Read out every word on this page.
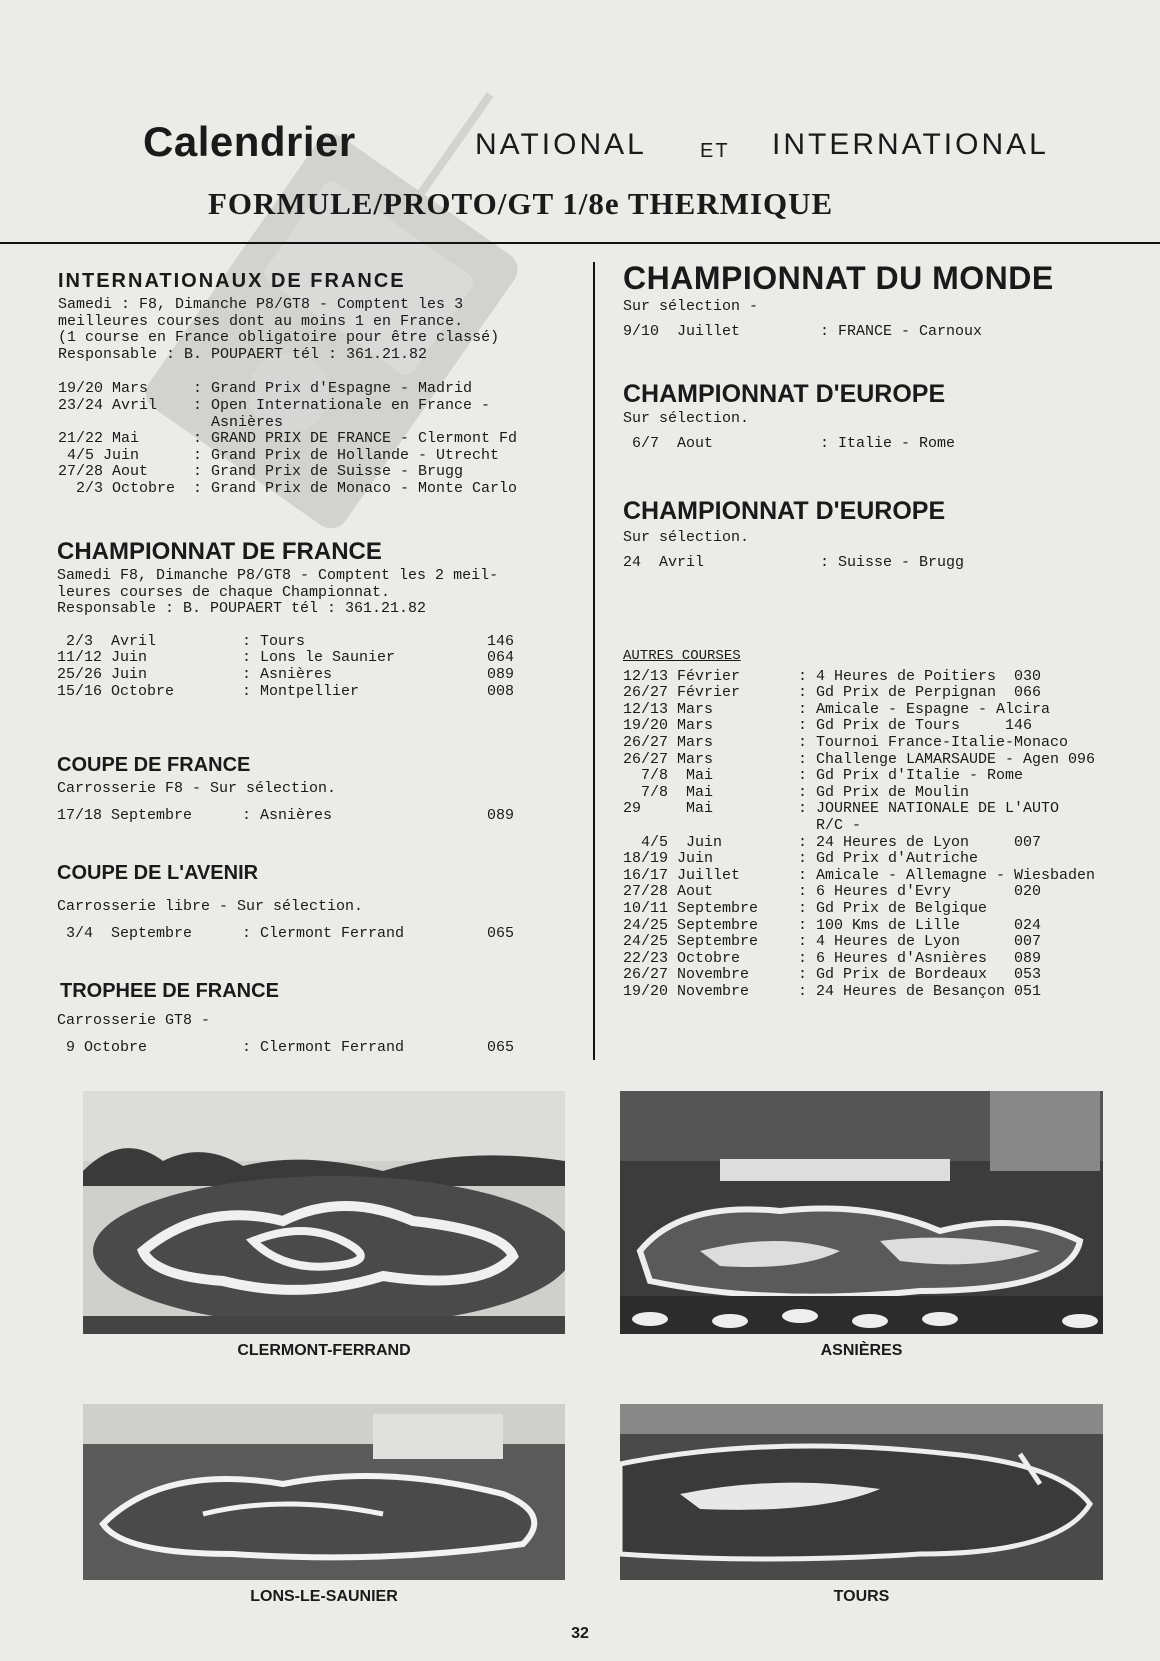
Calendrier	NATIONAL	ET INTERNATIONAL
FORMULE/PROTO/GT 1/8e THERMIQUE
INTERNATIONAUX DE FRANCE
Samedi : F8, Dimanche P8/GT8 - Comptent les 3
meilleures courses dont au moins 1 en France.
(1 course en France obligatoire pour être classé)
Responsable : B. POUPAERT tél : 361.21.82
19/20 Mars	: Grand Prix d'Espagne - Madrid
23/24 Avril	: Open Internationale en France -
Asnières
21/22 Mai	: GRAND PRIX DE FRANCE - Clermont Fd
4/5 Juin	: Grand Prix de Hollande - Utrecht
27/28 Aout	: Grand Prix de Suisse - Brugg
2/3 Octobre	: Grand Prix de Monaco - Monte Carlo
CHAMPIONNAT DE FRANCE
Samedi F8, Dimanche P8/GT8 - Comptent les 2 meil-
leures courses de chaque Championnat.
Responsable : B. POUPAERT tél : 361.21.82
2/3  Avril	: Tours	146
11/12 Juin	: Lons le Saunier	064
25/26 Juin	: Asnières	089
15/16 Octobre	: Montpellier	008
COUPE DE FRANCE
Carrosserie F8 - Sur sélection.
17/18 Septembre	: Asnières	089
COUPE DE L'AVENIR
Carrosserie libre - Sur sélection.
3/4  Septembre	: Clermont Ferrand	065
TROPHEE DE FRANCE
Carrosserie GT8 -
9 Octobre	: Clermont Ferrand	065
CHAMPIONNAT DU MONDE
Sur sélection -
9/10  Juillet	: FRANCE - Carnoux
CHAMPIONNAT D'EUROPE
Sur sélection.
6/7  Aout	: Italie - Rome
CHAMPIONNAT D'EUROPE
Sur sélection.
24  Avril	: Suisse - Brugg
AUTRES COURSES
12/13 Février	: 4 Heures de Poitiers  030
26/27 Février	: Gd Prix de Perpignan  066
12/13 Mars	: Amicale - Espagne - Alcira
19/20 Mars	: Gd Prix de Tours     146
26/27 Mars	: Tournoi France-Italie-Monaco
26/27 Mars	: Challenge LAMARSAUDE - Agen 096
7/8  Mai	: Gd Prix d'Italie - Rome
7/8  Mai	: Gd Prix de Moulin
29     Mai	: JOURNEE NATIONALE DE L'AUTO
R/C -
4/5  Juin	: 24 Heures de Lyon     007
18/19 Juin	: Gd Prix d'Autriche
16/17 Juillet	: Amicale - Allemagne - Wiesbaden
27/28 Aout	: 6 Heures d'Evry       020
10/11 Septembre	: Gd Prix de Belgique
24/25 Septembre	: 100 Kms de Lille      024
24/25 Septembre	: 4 Heures de Lyon      007
22/23 Octobre	: 6 Heures d'Asnières   089
26/27 Novembre	: Gd Prix de Bordeaux   053
19/20 Novembre	: 24 Heures de Besançon 051
CLERMONT-FERRAND	ASNIÈRES
LONS-LE-SAUNIER	TOURS
32
